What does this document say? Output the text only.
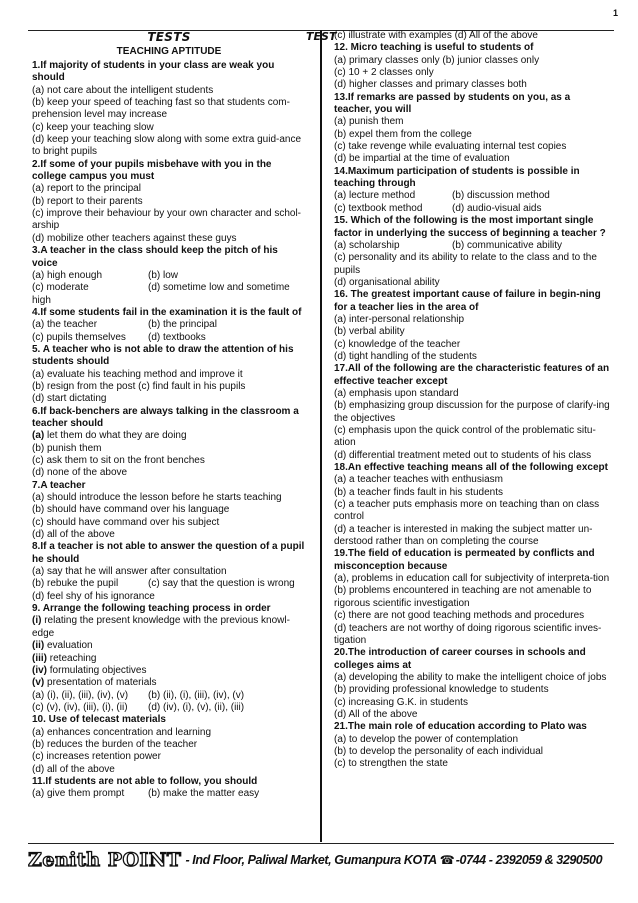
1
TEST
TESTS
TEACHING APTITUDE

1.If majority of students in your class are weak you should

(a) not care about the intelligent students

(b) keep your speed of teaching fast so that students com-prehension level may increase

(c) keep your teaching slow

(d) keep your teaching slow along with some extra guid-ance to bright pupils

2.If some of your pupils misbehave with you in the college campus you must

(a) report to the principal

(b) report to their parents

(c) improve their behaviour by your own character and schol-arship

(d) mobilize other teachers against these guys

3.A teacher in the class should keep the pitch of his voice

(a) high enough	(b) low

(c) moderate	(d) sometime low and sometime

high

4.If some students fail in the examination it is the fault of

(a) the teacher	(b) the principal

(c) pupils themselves	(d) textbooks

5. A teacher who is not able to draw the attention of his students should

(a) evaluate his teaching method and improve it

(b) resign from the post (c) find fault in his pupils

(d) start dictating

6.If back-benchers are always talking in the classroom a teacher should

(a) let them do what they are doing

(b) punish them

(c) ask them to sit on the front benches

(d) none of the above

7.A teacher

(a) should introduce the lesson before he starts teaching

(b) should have command over his language

(c) should have command over his subject

(d) all of the above

8.If a teacher is not able to answer the question of a pupil he should

(a) say that he will answer after consultation

(b) rebuke the pupil	(c) say that the question is wrong

(d) feel shy of his ignorance

9. Arrange the following teaching process in order

(i) relating the present knowledge with the previous knowl-edge

(ii) evaluation

(iii) reteaching

(iv) formulating objectives

(v) presentation of materials

(a) (i), (ii), (iii), (iv), (v)	(b) (ii), (i), (iii), (iv), (v)

(c) (v), (iv), (iii), (i), (ii)	(d) (iv), (i), (v), (ii), (iii)

10. Use of telecast materials

(a) enhances concentration and learning

(b) reduces the burden of the teacher

(c) increases retention power

(d) all of the above

11.If students are not able to follow, you should

(a) give them prompt	(b) make the matter easy

(c) illustrate with examples (d) All of the above

12. Micro teaching is useful to students of

(a) primary classes only (b) junior classes only

(c) 10 + 2 classes only

(d) higher classes and primary classes both

13.If remarks are passed by students on you, as a teacher, you will

(a) punish them

(b) expel them from the college

(c) take revenge while evaluating internal test copies

(d) be impartial at the time of evaluation

14.Maximum participation of students is possible in teaching through

(a) lecture method	(b) discussion method

(c) textbook method	(d) audio-visual aids

15. Which of the following is the most important single factor in underlying the success of beginning a teacher ?

(a) scholarship	(b) communicative ability

(c) personality and its ability to relate to the class and to the pupils

(d) organisational ability

16. The greatest important cause of failure in begin-ning for a teacher lies in the area of

(a) inter-personal relationship

(b) verbal ability

(c) knowledge of the teacher

(d) tight handling of the students

17.All of the following are the characteristic features of an effective teacher except

(a) emphasis upon standard

(b) emphasizing group discussion for the purpose of clarify-ing the objectives

(c) emphasis upon the quick control of the problematic situ-ation

(d) differential treatment meted out to students of his class

18.An effective teaching means all of the following except

(a) a teacher teaches with enthusiasm

(b) a teacher finds fault in his students

(c) a teacher puts emphasis more on teaching than on class control

(d) a teacher is interested in making the subject matter un-derstood rather than on completing the course

19.The field of education is permeated by conflicts and misconception because

(a), problems in education call for subjectivity of interpreta-tion

(b) problems encountered in teaching are not amenable to rigorous scientific investigation

(c) there are not good teaching methods and procedures

(d) teachers are not worthy of doing rigorous scientific inves-tigation

20.The introduction of career courses in schools and colleges aims at

(a) developing the ability to make the intelligent choice of jobs

(b) providing professional knowledge to students

(c) increasing G.K. in students

(d) All of the above

21.The main role of education according to Plato was

(a) to develop the power of contemplation

(b) to develop the personality of each individual

(c) to strengthen the state

Zenith POINT - Ind Floor, Paliwal Market, Gumanpura KOTA ☎ -0744 - 2392059 & 3290500
